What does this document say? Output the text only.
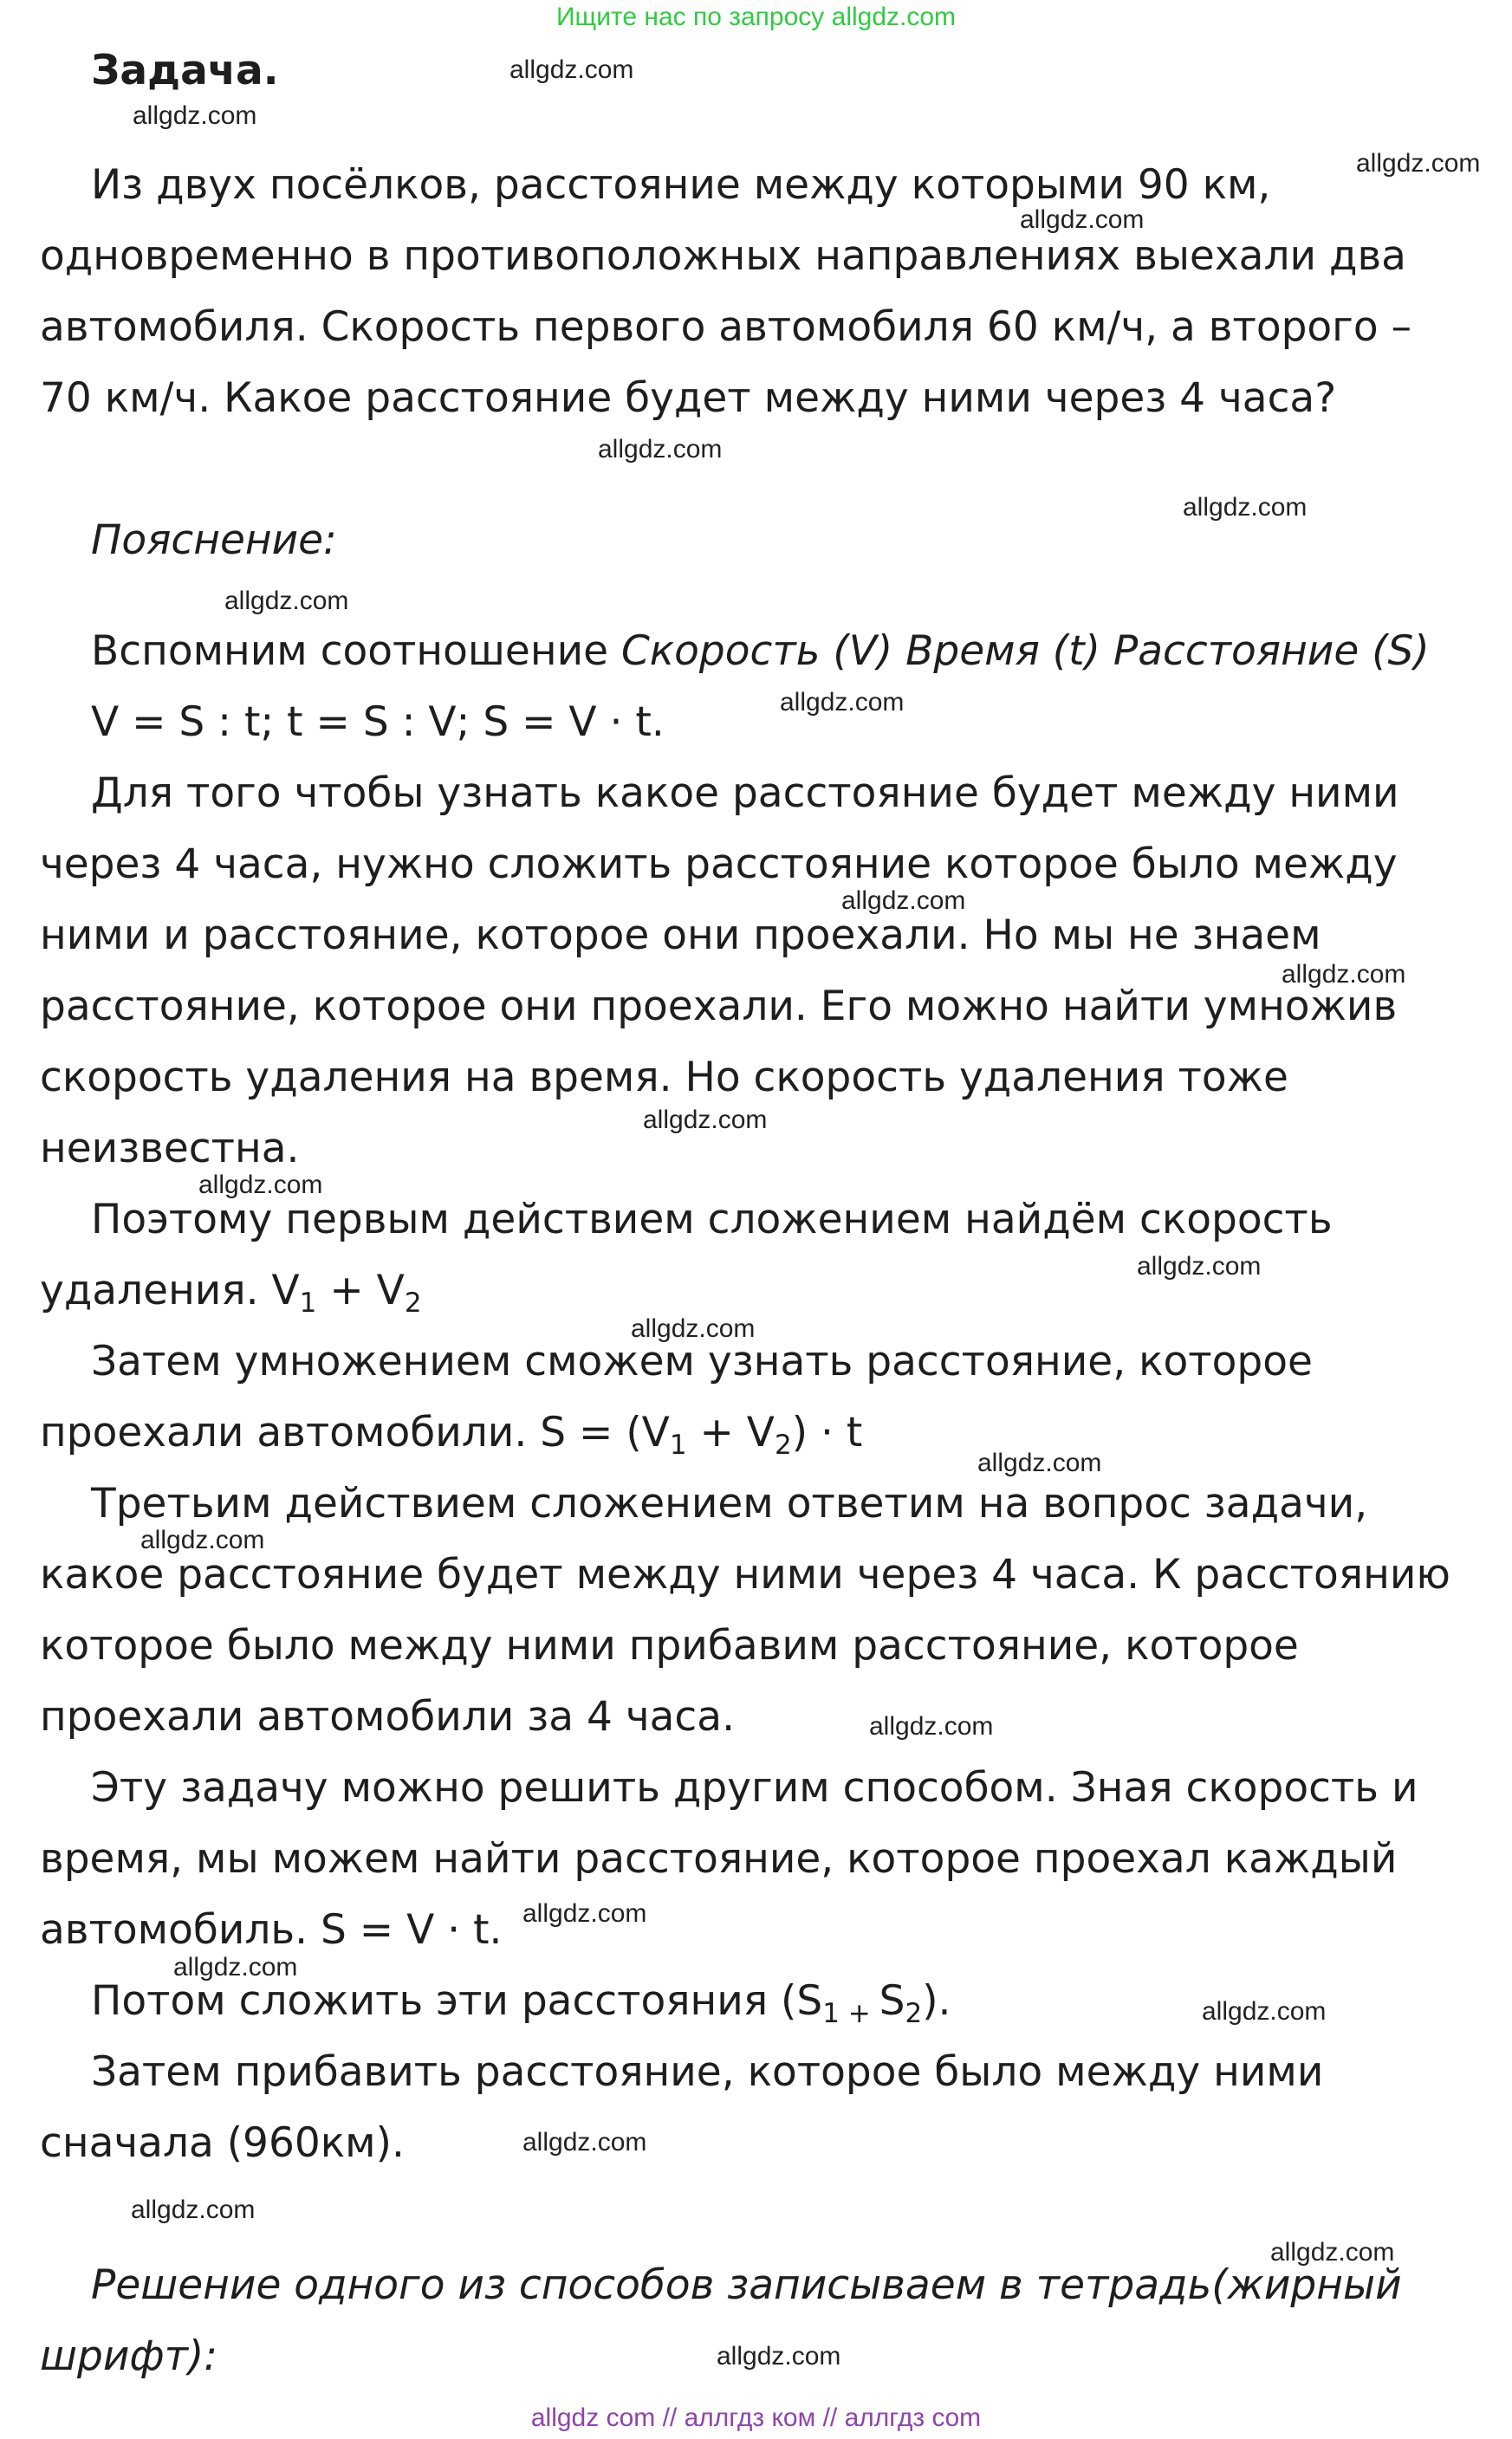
Ищите нас по запросу allgdz.com
Задача.
Из двух посёлков, расстояние между которыми 90 км,
одновременно в противоположных направлениях выехали два
автомобиля. Скорость первого автомобиля 60 км/ч, а второго –
70 км/ч. Какое расстояние будет между ними через 4 часа?
Пояснение:
Вспомним соотношение Скорость (V) Время (t) Расстояние (S)
V = S : t; t = S : V; S = V · t.
Для того чтобы узнать какое расстояние будет между ними
через 4 часа, нужно сложить расстояние которое было между
ними и расстояние, которое они проехали. Но мы не знаем
расстояние, которое они проехали. Его можно найти умножив
скорость удаления на время. Но скорость удаления тоже
неизвестна.
Поэтому первым действием сложением найдём скорость
удаления. $V_1 + V_2$
Затем умножением сможем узнать расстояние, которое
проехали автомобили. $S = (V_1 + V_2) \cdot t$
Третьим действием сложением ответим на вопрос задачи,
какое расстояние будет между ними через 4 часа. К расстоянию
которое было между ними прибавим расстояние, которое
проехали автомобили за 4 часа.
Эту задачу можно решить другим способом. Зная скорость и
время, мы можем найти расстояние, которое проехал каждый
автомобиль. S = V · t.
Потом сложить эти расстояния ($S_1$ $_+$ $S_2$).
Затем прибавить расстояние, которое было между ними
сначала (960км).
Решение одного из способов записываем в тетрадь(жирный
шрифт):
allgdz.com
allgdz.com
allgdz.com
allgdz.com
allgdz.com
allgdz.com
allgdz.com
allgdz.com
allgdz.com
allgdz.com
allgdz.com
allgdz.com
allgdz.com
allgdz.com
allgdz.com
allgdz.com
allgdz.com
allgdz.com
allgdz.com
allgdz.com
allgdz.com
allgdz.com
allgdz.com
allgdz.com
allgdz com // аллгдз ком // аллгдз com
